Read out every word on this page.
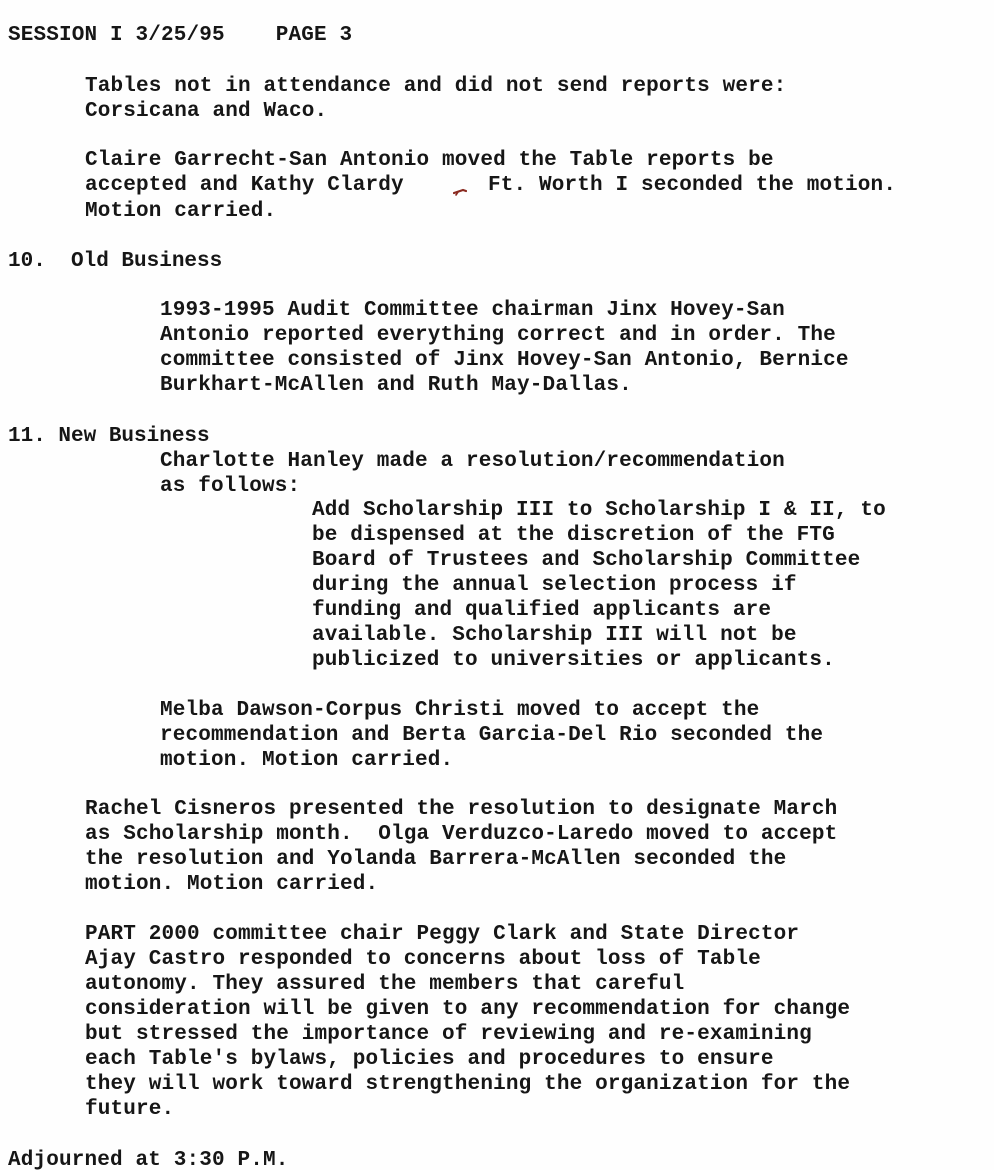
SESSION I 3/25/95    PAGE 3
Tables not in attendance and did not send reports were:
Corsicana and Waco.
Claire Garrecht-San Antonio moved the Table reports be
accepted and Kathy Clardy	Ft. Worth I seconded the motion.
Motion carried.
10.  Old Business
1993-1995 Audit Committee chairman Jinx Hovey-San
Antonio reported everything correct and in order. The
committee consisted of Jinx Hovey-San Antonio, Bernice
Burkhart-McAllen and Ruth May-Dallas.
11. New Business
Charlotte Hanley made a resolution/recommendation
as follows:
Add Scholarship III to Scholarship I & II, to
be dispensed at the discretion of the FTG
Board of Trustees and Scholarship Committee
during the annual selection process if
funding and qualified applicants are
available. Scholarship III will not be
publicized to universities or applicants.
Melba Dawson-Corpus Christi moved to accept the
recommendation and Berta Garcia-Del Rio seconded the
motion. Motion carried.
Rachel Cisneros presented the resolution to designate March
as Scholarship month.  Olga Verduzco-Laredo moved to accept
the resolution and Yolanda Barrera-McAllen seconded the
motion. Motion carried.
PART 2000 committee chair Peggy Clark and State Director
Ajay Castro responded to concerns about loss of Table
autonomy. They assured the members that careful
consideration will be given to any recommendation for change
but stressed the importance of reviewing and re-examining
each Table's bylaws, policies and procedures to ensure
they will work toward strengthening the organization for the
future.
Adjourned at 3:30 P.M.
